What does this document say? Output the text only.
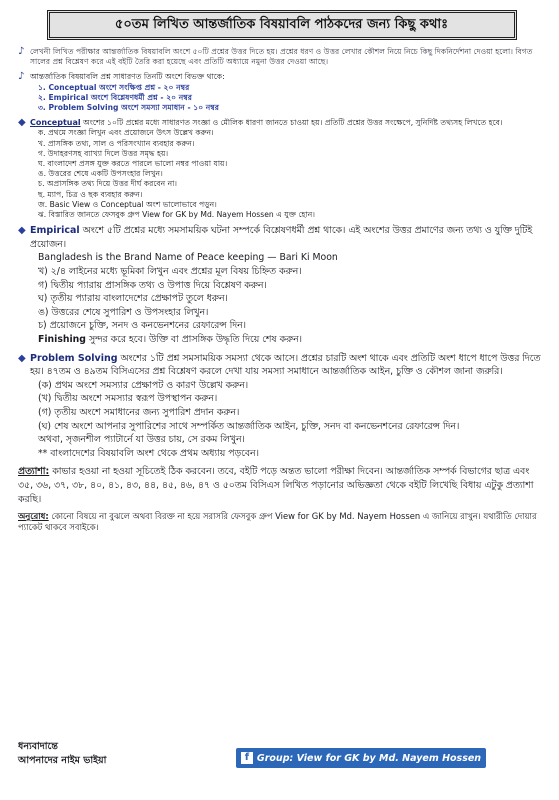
৫০তম লিখিত আন্তর্জাতিক বিষয়াবলি পাঠকদের জন্য কিছু কথাঃ
♪ লেখনী লিখিত পরীক্ষার আন্তর্জাতিক বিষয়াবলি অংশে ৫০টি প্রশ্নের উত্তর দিতে হয়। প্রশ্নের ধরণ ও উত্তর লেখার কৌশল নিয়ে নিচে কিছু দিকনির্দেশনা দেওয়া হলো। বিগত সালের প্রশ্ন বিশ্লেষণ করে এই বইটি তৈরি করা হয়েছে এবং প্রতিটি অধ্যায়ে নমুনা উত্তর দেওয়া আছে।

♪ আন্তর্জাতিক বিষয়াবলি প্রশ্ন সাধারণত তিনটি অংশে বিভক্ত থাকে:

১. Conceptual অংশে সংক্ষিপ্ত প্রশ্ন - ২০ নম্বর

২. Empirical অংশে বিশ্লেষণধর্মী প্রশ্ন - ২০ নম্বর

৩. Problem Solving অংশে সমস্যা সমাধান - ১০ নম্বর

◆ Conceptual অংশের ১০টি প্রশ্নের মধ্যে সাধারণত সংজ্ঞা ও মৌলিক ধারণা জানতে চাওয়া হয়। প্রতিটি প্রশ্নের উত্তর সংক্ষেপে, সুনির্দিষ্ট তথ্যসহ লিখতে হবে।

ক. প্রথমে সংজ্ঞা লিখুন এবং প্রয়োজনে উৎস উল্লেখ করুন।

খ. প্রাসঙ্গিক তথ্য, সাল ও পরিসংখ্যান ব্যবহার করুন।

গ. উদাহরণসহ ব্যাখ্যা দিলে উত্তর সমৃদ্ধ হয়।

ঘ. বাংলাদেশ প্রসঙ্গ যুক্ত করতে পারলে ভালো নম্বর পাওয়া যায়।

ঙ. উত্তরের শেষে একটি উপসংহার লিখুন।

চ. অপ্রাসঙ্গিক তথ্য দিয়ে উত্তর দীর্ঘ করবেন না।

ছ. ম্যাপ, চিত্র ও ছক ব্যবহার করুন।

জ. Basic View ও Conceptual অংশ ভালোভাবে পড়ুন।

ঝ. বিস্তারিত জানতে ফেসবুক গ্রুপ View for GK by Md. Nayem Hossen এ যুক্ত হোন।

◆ Empirical অংশে ৫টি প্রশ্নের মধ্যে সমসাময়িক ঘটনা সম্পর্কে বিশ্লেষণধর্মী প্রশ্ন থাকে। এই অংশের উত্তর প্রমাণের জন্য তথ্য ও যুক্তি দুটিই প্রয়োজন।

Bangladesh is the Brand Name of Peace keeping — Bari Ki Moon

খ) ২/৪ লাইনের মধ্যে ভূমিকা লিখুন এবং প্রশ্নের মূল বিষয় চিহ্নিত করুন।

গ) দ্বিতীয় প্যারায় প্রাসঙ্গিক তথ্য ও উপাত্ত দিয়ে বিশ্লেষণ করুন।

ঘ) তৃতীয় প্যারায় বাংলাদেশের প্রেক্ষাপট তুলে ধরুন।

ঙ) উত্তরের শেষে সুপারিশ ও উপসংহার লিখুন।

চ) প্রয়োজনে চুক্তি, সনদ ও কনভেনশনের রেফারেন্স দিন।

Finishing সুন্দর করে হবে। উক্তি বা প্রাসঙ্গিক উদ্ধৃতি দিয়ে শেষ করুন।

◆ Problem Solving অংশের ১টি প্রশ্ন সমসাময়িক সমস্যা থেকে আসে। প্রশ্নের চারটি অংশ থাকে এবং প্রতিটি অংশ ধাপে ধাপে উত্তর দিতে হয়। ৪৭তম ও ৪৯তম বিসিএসের প্রশ্ন বিশ্লেষণ করলে দেখা যায় সমস্যা সমাধানে আন্তর্জাতিক আইন, চুক্তি ও কৌশল জানা জরুরি।

(ক) প্রথম অংশে সমস্যার প্রেক্ষাপট ও কারণ উল্লেখ করুন।

(খ) দ্বিতীয় অংশে সমস্যার স্বরূপ উপস্থাপন করুন।

(গ) তৃতীয় অংশে সমাধানের জন্য সুপারিশ প্রদান করুন।

(ঘ) শেষ অংশে আপনার সুপারিশের সাথে সম্পর্কিত আন্তর্জাতিক আইন, চুক্তি, সনদ বা কনভেনশনের রেফারেন্স দিন।

অথবা, সৃজনশীল প্যাটার্নে যা উত্তর চায়, সে রকম লিখুন।

** বাংলাদেশের বিষয়াবলি অংশ থেকে প্রথম অধ্যায় পড়বেন।

প্রত্যাশা: কাভার হওয়া না হওয়া সূচিতেই ঠিক করবেন। তবে, বইটি পড়ে অন্তত ভালো পরীক্ষা দিবেন। আন্তর্জাতিক সম্পর্ক বিভাগের ছাত্র এবং ৩৫, ৩৬, ৩৭, ৩৮, ৪০, ৪১, ৪৩, ৪৪, ৪৫, ৪৬, ৪৭ ও ৫০তম বিসিএস লিখিত পড়ানোর অভিজ্ঞতা থেকে বইটি লিখেছি বিধায় এটুকু প্রত্যাশা করছি।

অনুরোধ: কোনো বিষয়ে না বুঝলে অথবা বিরক্ত না হয়ে সরাসরি ফেসবুক গ্রুপ View for GK by Md. Nayem Hossen এ জানিয়ে রাখুন। যথারীতি দোয়ার প্যাকেট থাকবে সবাইকে।

ধন্যবাদান্তে
আপনাদের নাইম ভাইয়া	f Group: View for GK by Md. Nayem Hossen
